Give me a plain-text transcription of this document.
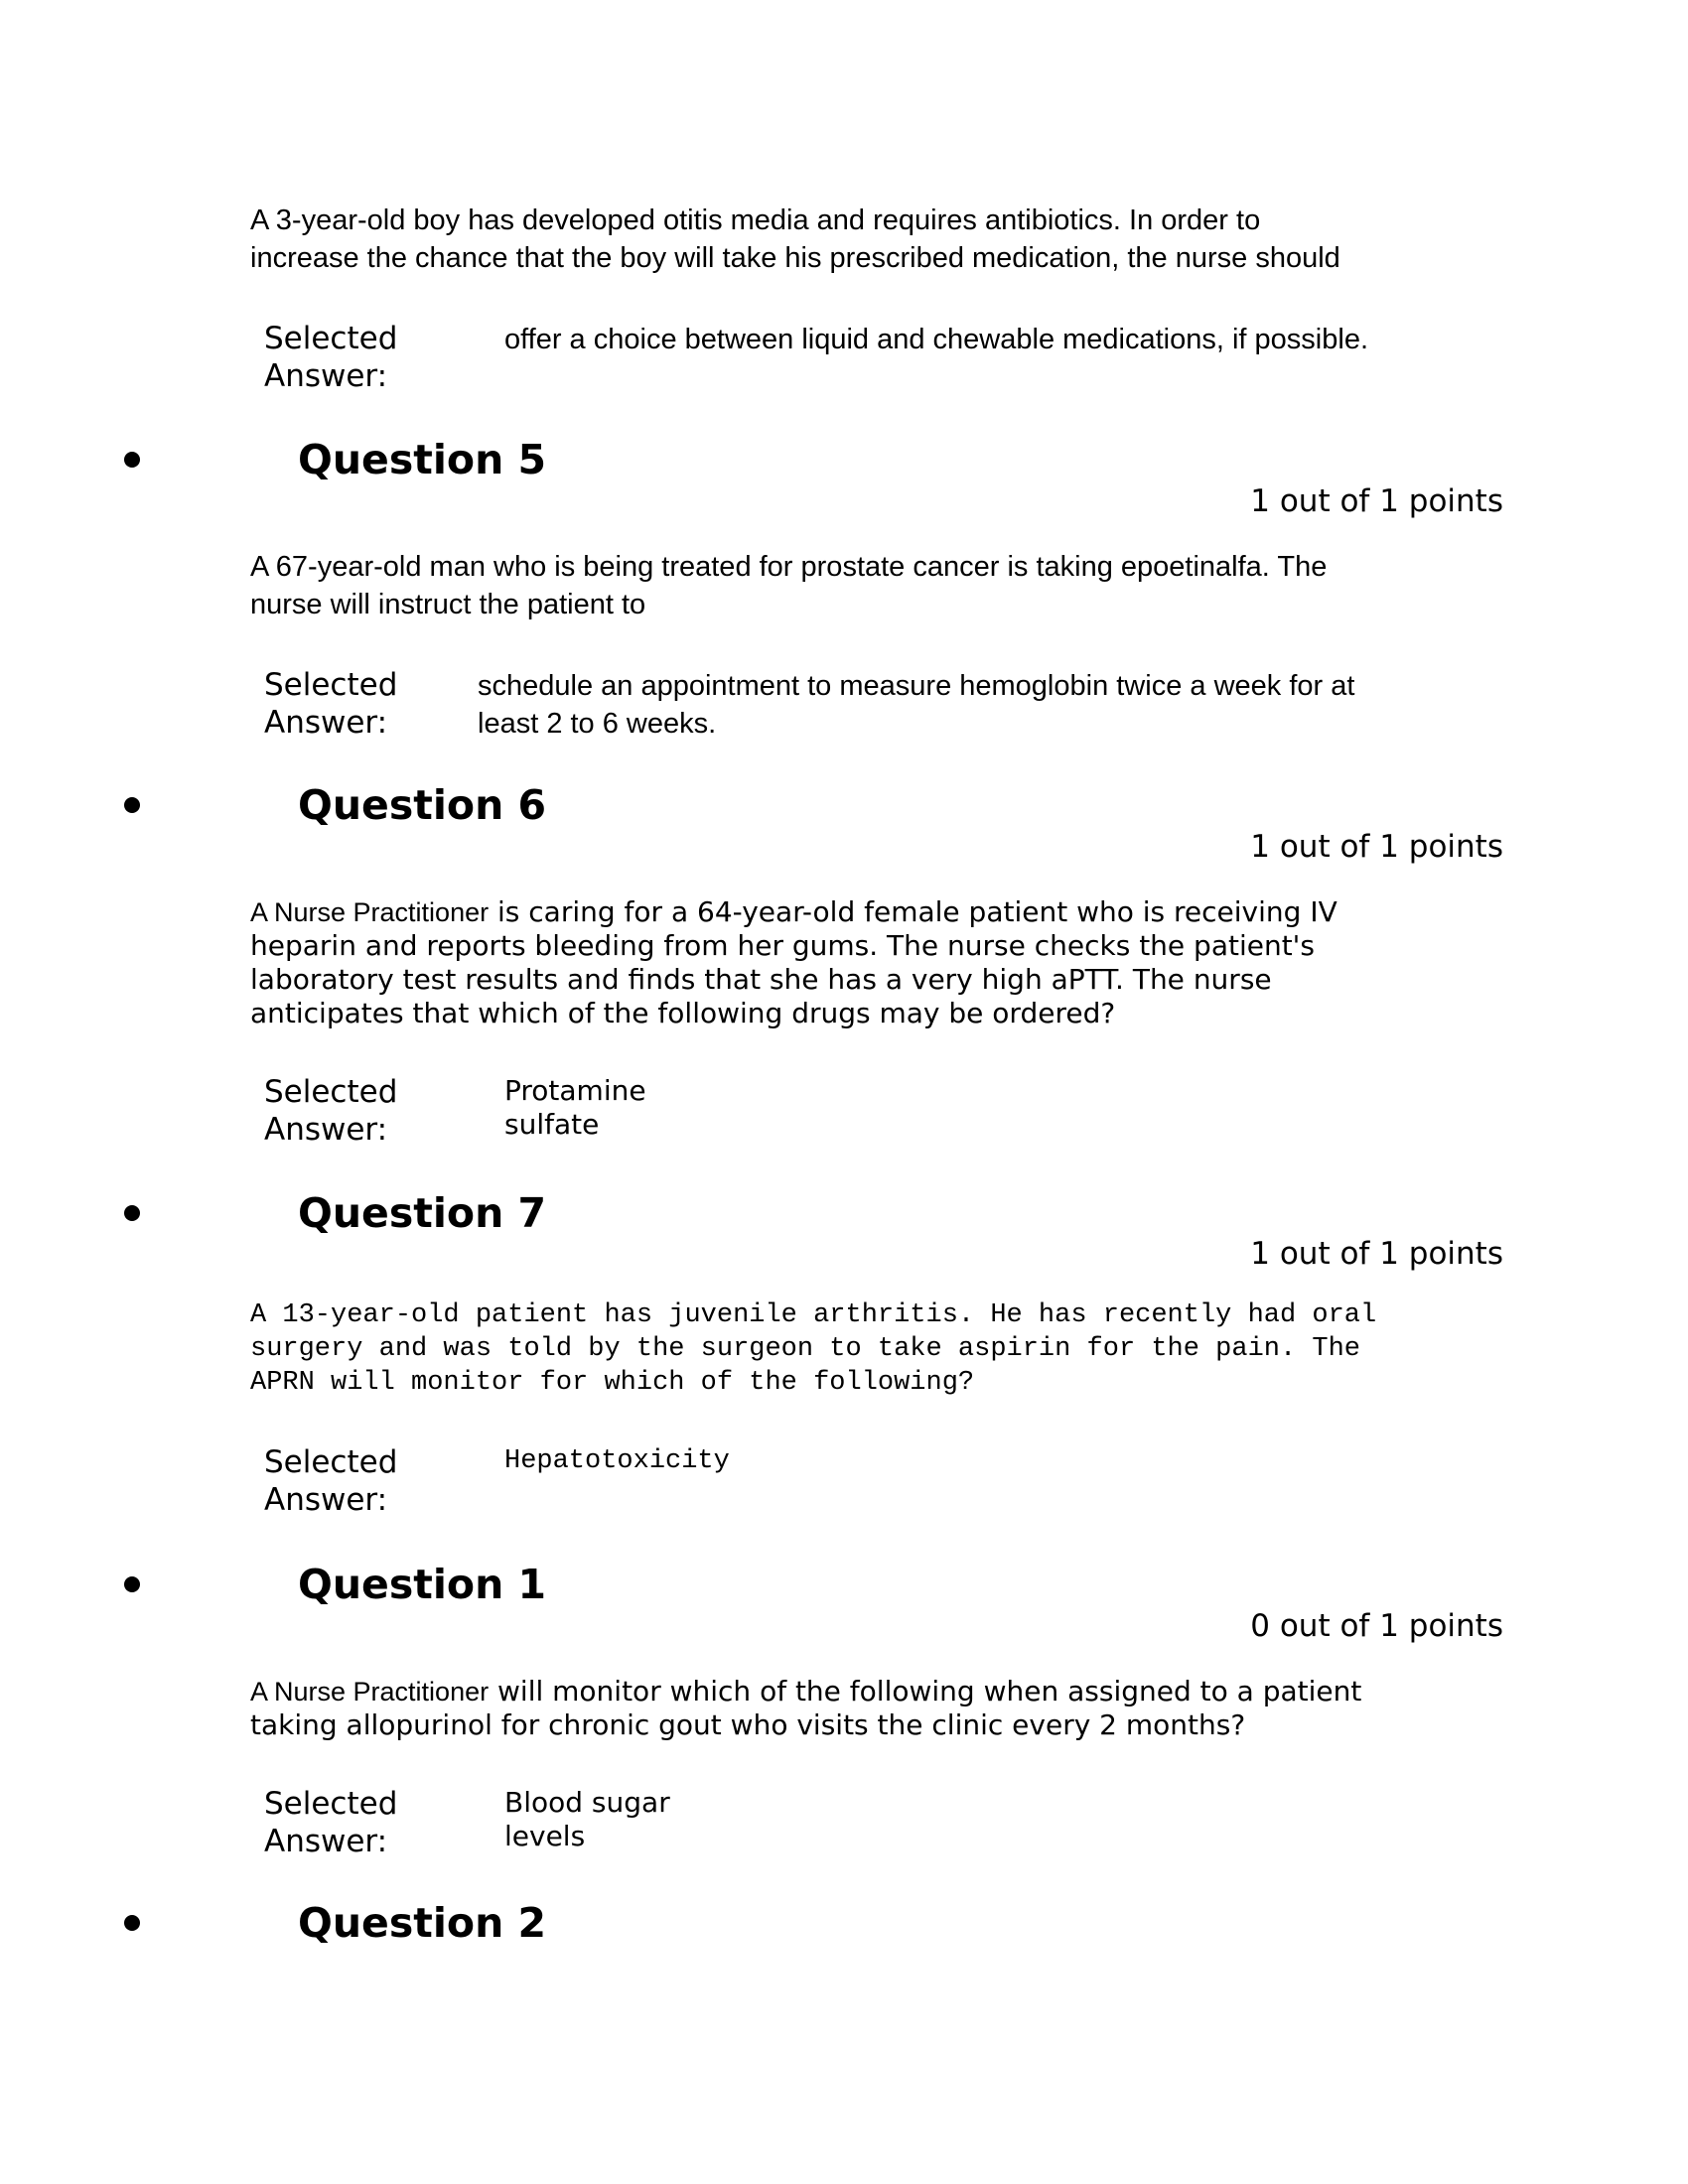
A 3-year-old boy has developed otitis media and requires antibiotics. In order to
increase the chance that the boy will take his prescribed medication, the nurse should
Selected
Answer:
offer a choice between liquid and chewable medications, if possible.
Question 5
1 out of 1 points
A 67-year-old man who is being treated for prostate cancer is taking epoetinalfa. The
nurse will instruct the patient to
Selected
Answer:
schedule an appointment to measure hemoglobin twice a week for at
least 2 to 6 weeks.
Question 6
1 out of 1 points
A Nurse Practitioner is caring for a 64-year-old female patient who is receiving IV
heparin and reports bleeding from her gums. The nurse checks the patient's
laboratory test results and finds that she has a very high aPTT. The nurse
anticipates that which of the following drugs may be ordered?
Selected
Answer:
Protamine
sulfate
Question 7
1 out of 1 points
A 13-year-old patient has juvenile arthritis. He has recently had oral
surgery and was told by the surgeon to take aspirin for the pain. The
APRN will monitor for which of the following?
Selected
Answer:
Hepatotoxicity
Question 1
0 out of 1 points
A Nurse Practitioner will monitor which of the following when assigned to a patient
taking allopurinol for chronic gout who visits the clinic every 2 months?
Selected
Answer:
Blood sugar
levels
Question 2
